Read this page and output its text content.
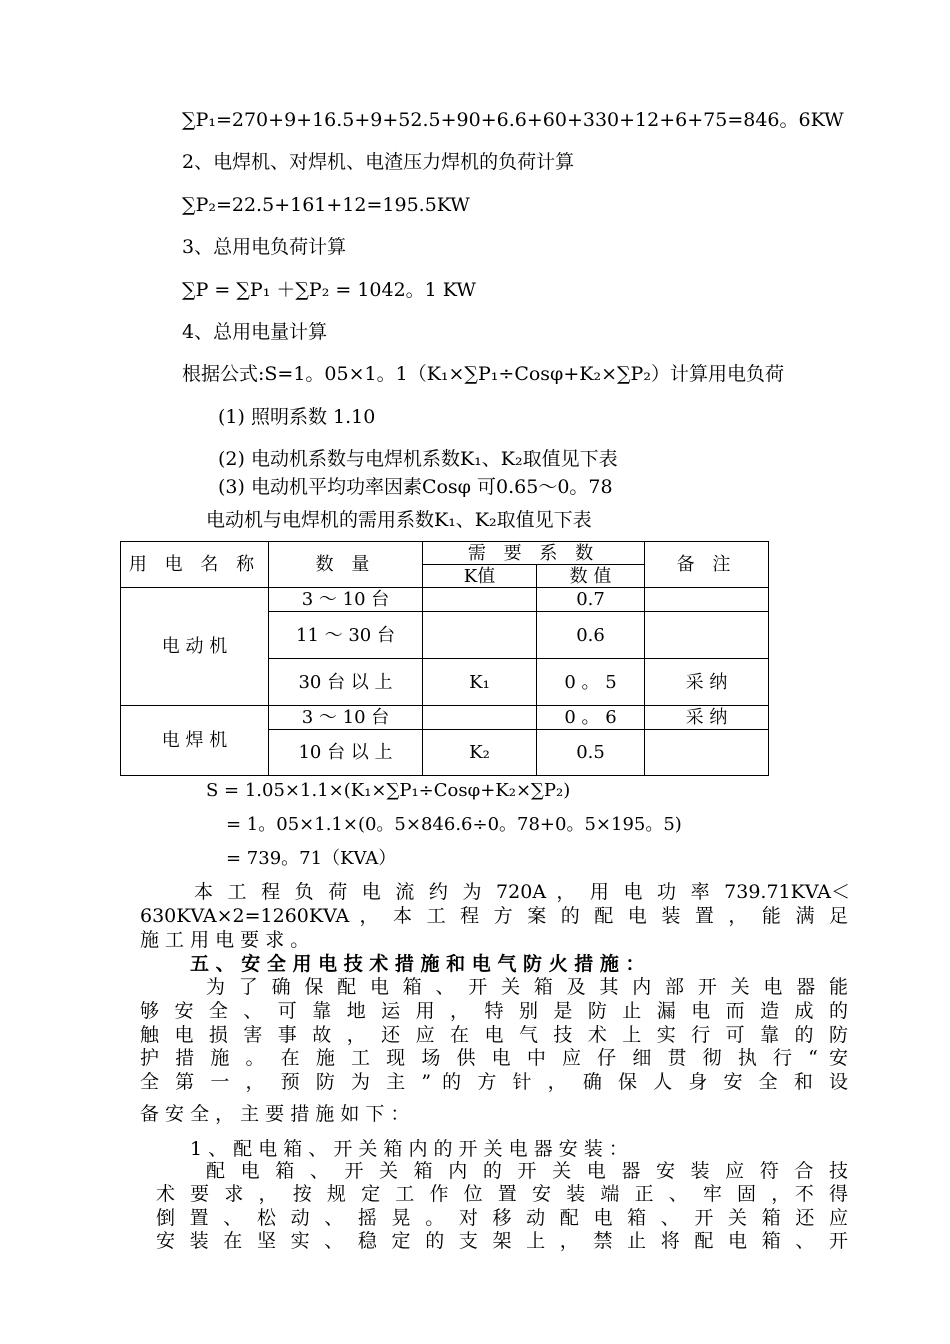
∑P₁=270+9+16.5+9+52.5+90+6.6+60+330+12+6+75=846。6KW
2、电焊机、对焊机、电渣压力焊机的负荷计算
∑P₂=22.5+161+12=195.5KW
3、总用电负荷计算
∑P = ∑P₁ ＋∑P₂ = 1042。1 KW
4、总用电量计算
根据公式:S=1。05×1。1（K₁×∑P₁÷Cosφ+K₂×∑P₂）计算用电负荷
(1) 照明系数 1.10
(2) 电动机系数与电焊机系数K₁、K₂取值见下表
(3) 电动机平均功率因素Cosφ 可0.65～0。78
电动机与电焊机的需用系数K₁、K₂取值见下表
用 电 名 称	数 量	需 要 系 数		备 注
		K值	数 值	
电 动 机	3 ～ 10 台		0.7	
	11 ～ 30 台		0.6	
	30 台 以 上	K₁	0 。 5	采 纳
电 焊 机	3 ～ 10 台		0 。 6	采 纳
	10 台 以 上	K₂	0.5	
S = 1.05×1.1×(K₁×∑P₁÷Cosφ+K₂×∑P₂)
= 1。05×1.1×(0。5×846.6÷0。78+0。5×195。5)
= 739。71（KVA）
本 工 程 负 荷 电 流 约 为 720A ， 用 电 功 率 739.71KVA＜
630KVA×2=1260KVA ， 本 工 程 方 案 的 配 电 装 置 ， 能 满 足
施 工 用 电 要 求 。
五 、 安 全 用 电 技 术 措 施 和 电 气 防 火 措 施 ：
为 了 确 保 配 电 箱 、 开 关 箱 及 其 内 部 开 关 电 器 能
够 安 全 、 可 靠 地 运 用 ， 特 别 是 防 止 漏 电 而 造 成 的
触 电 损 害 事 故 ， 还 应 在 电 气 技 术 上 实 行 可 靠 的 防
护 措 施 。 在 施 工 现 场 供 电 中 应 仔 细 贯 彻 执 行 “ 安
全 第 一 ， 预 防 为 主 ” 的 方 针 ， 确 保 人 身 安 全 和 设
备 安 全 ， 主 要 措 施 如 下 ：
1 、 配 电 箱 、 开 关 箱 内 的 开 关 电 器 安 装 ：
配 电 箱 、 开 关 箱 内 的 开 关 电 器 安 装 应 符 合 技
术 要 求 ， 按 规 定 工 作 位 置 安 装 端 正 、 牢 固 ，不 得
倒 置 、 松 动 、 摇 晃 。 对 移 动 配 电 箱 、 开 关 箱 还 应
安 装 在 坚 实 、 稳 定 的 支 架 上 ， 禁 止 将 配 电 箱 、 开
